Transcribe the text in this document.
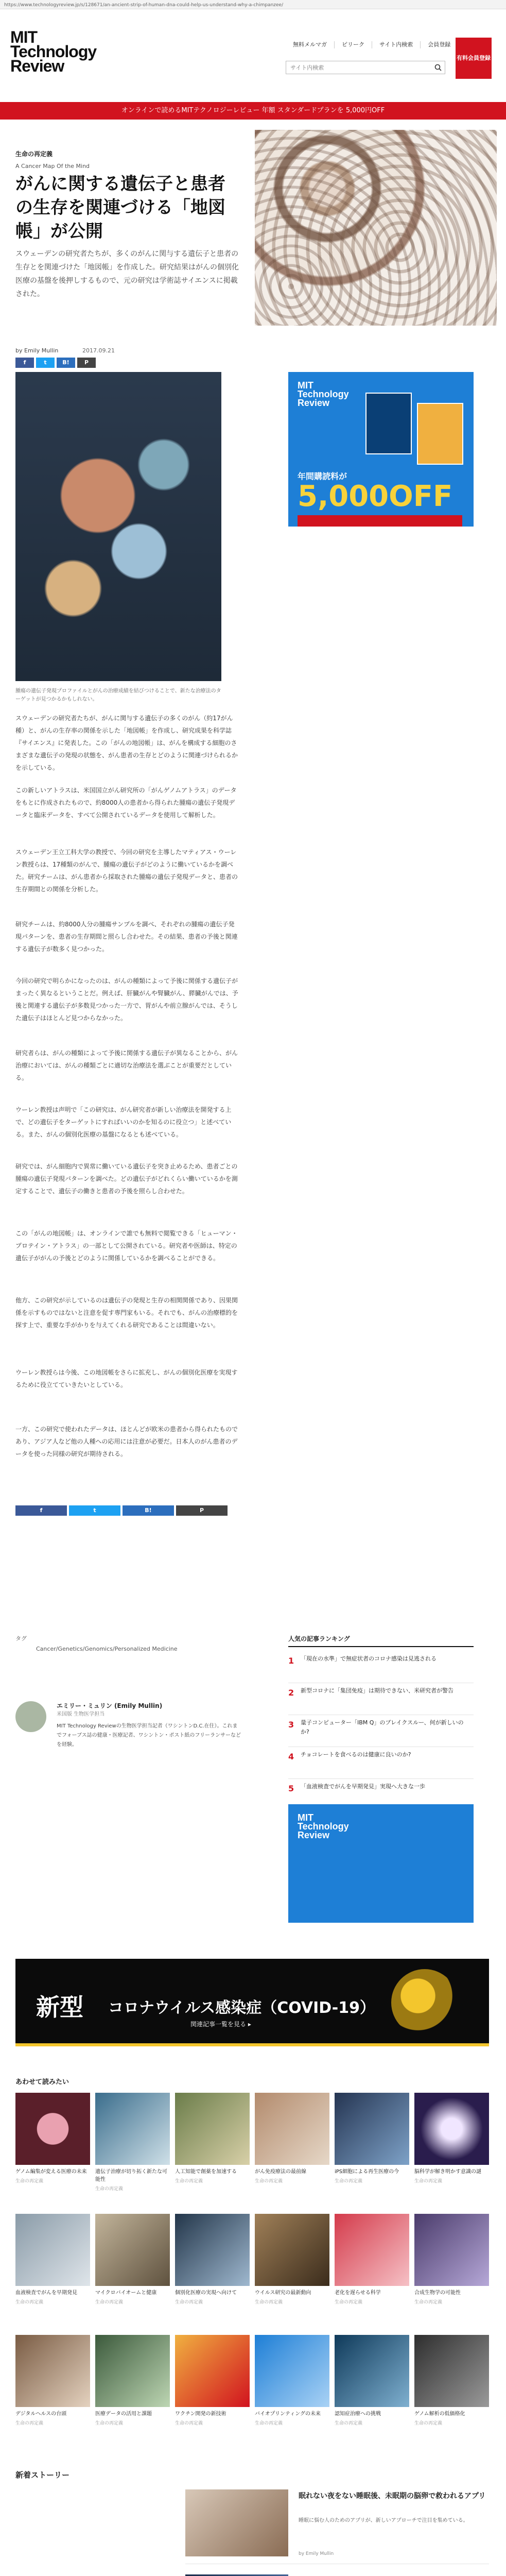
https://www.technologyreview.jp/s/128671/an-ancient-strip-of-human-dna-could-help-us-understand-why-a-chimpanzee/
MIT
Technology
Review
無料メルマガ	ピリーク	サイト内検索	会員登録
サイト内検索
有料会員登録
オンラインで読めるMITテクノロジーレビュー 年額 スタンダードプランを 5,000円OFF
生命の再定義
A Cancer Map Of the Mind
がんに関する遺伝子と患者の生存を関連づける「地図帳」が公開
スウェーデンの研究者たちが、多くのがんに関与する遺伝子と患者の生存とを関連づけた「地図帳」を作成した。研究結果はがんの個別化医療の基盤を後押しするもので、元の研究は学術誌サイエンスに掲載された。
by Emily Mullin	2017.09.21
f	t	B!	P
腫瘍の遺伝子発現プロファイルとがんの治療成績を結びつけることで、新たな治療法のターゲットが見つかるかもしれない。
MIT
Technology
Review
年間購読料が
5,000OFF

スウェーデンの研究者たちが、がんに関与する遺伝子の多くのがん（約17がん種）と、がんの生存率の関係を示した「地図帳」を作成し、研究成果を科学誌『サイエンス』に発表した。この「がんの地図帳」は、がんを構成する細胞のさまざまな遺伝子の発現の状態を、がん患者の生存とどのように関連づけられるかを示している。

この新しいアトラスは、米国国立がん研究所の「がんゲノムアトラス」のデータをもとに作成されたもので、約8000人の患者から得られた腫瘍の遺伝子発現データと臨床データを、すべて公開されているデータを使用して解析した。

スウェーデン王立工科大学の教授で、今回の研究を主導したマティアス・ウーレン教授らは、17種類のがんで、腫瘍の遺伝子がどのように働いているかを調べた。研究チームは、がん患者から採取された腫瘍の遺伝子発現データと、患者の生存期間との関係を分析した。

研究チームは、約8000人分の腫瘍サンプルを調べ、それぞれの腫瘍の遺伝子発現パターンを、患者の生存期間と照らし合わせた。その結果、患者の予後と関連する遺伝子が数多く見つかった。

今回の研究で明らかになったのは、がんの種類によって予後に関係する遺伝子がまったく異なるということだ。例えば、肝臓がんや腎臓がん、膵臓がんでは、予後と関連する遺伝子が多数見つかった一方で、胃がんや前立腺がんでは、そうした遺伝子はほとんど見つからなかった。

研究者らは、がんの種類によって予後に関係する遺伝子が異なることから、がん治療においては、がんの種類ごとに適切な治療法を選ぶことが重要だとしている。

ウーレン教授は声明で「この研究は、がん研究者が新しい治療法を開発する上で、どの遺伝子をターゲットにすればいいのかを知るのに役立つ」と述べている。また、がんの個別化医療の基盤になるとも述べている。

研究では、がん細胞内で異常に働いている遺伝子を突き止めるため、患者ごとの腫瘍の遺伝子発現パターンを調べた。どの遺伝子がどれくらい働いているかを測定することで、遺伝子の働きと患者の予後を照らし合わせた。

この「がんの地図帳」は、オンラインで誰でも無料で閲覧できる「ヒューマン・プロテイン・アトラス」の一部として公開されている。研究者や医師は、特定の遺伝子ががんの予後とどのように関係しているかを調べることができる。

他方、この研究が示しているのは遺伝子の発現と生存の相関関係であり、因果関係を示すものではないと注意を促す専門家もいる。それでも、がんの治療標的を探す上で、重要な手がかりを与えてくれる研究であることは間違いない。

ウーレン教授らは今後、この地図帳をさらに拡充し、がんの個別化医療を実現するために役立てていきたいとしている。

一方、この研究で使われたデータは、ほとんどが欧米の患者から得られたものであり、アジア人など他の人種への応用には注意が必要だ。日本人のがん患者のデータを使った同様の研究が期待される。

f	t	B!	P
タグ
Cancer/Genetics/Genomics/Personalized Medicine
エミリー・ミュリン (Emily Mullin)
米国版 生物医学担当
MIT Technology Reviewの生物医学担当記者（ワシントンD.C.在住）。これまでフォーブス誌の健康・医療記者、ワシントン・ポスト紙のフリーランサーなどを経験。
人気の記事ランキング
1 「現在の水準」で無症状者のコロナ感染は見逃される
2 新型コロナに「集団免疫」は期待できない、米研究者が警告
3 量子コンピューター「IBM Q」のブレイクスルー、何が新しいのか?
4 チョコレートを食べるのは健康に良いのか?
5 「血液検査でがんを早期発見」実現へ大きな一歩
MIT
Technology
Review
新型 コロナウイルス感染症（COVID-19）
関連記事一覧を見る ▸
あわせて読みたい
ゲノム編集が変える医療の未来
生命の再定義
遺伝子治療が切り拓く新たな可能性
生命の再定義
人工知能で創薬を加速する
生命の再定義
がん免疫療法の最前線
生命の再定義
iPS細胞による再生医療の今
生命の再定義
脳科学が解き明かす意識の謎
生命の再定義
血液検査でがんを早期発見
生命の再定義
マイクロバイオームと健康
生命の再定義
個別化医療の実現へ向けて
生命の再定義
ウイルス研究の最新動向
生命の再定義
老化を遅らせる科学
生命の再定義
合成生物学の可能性
生命の再定義
デジタルヘルスの台頭
生命の再定義
医療データの活用と課題
生命の再定義
ワクチン開発の新技術
生命の再定義
バイオプリンティングの未来
生命の再定義
認知症治療への挑戦
生命の再定義
ゲノム解析の低価格化
生命の再定義
新着ストーリー
眠れない夜をない睡眠後、未眠期の脳卵で救われるアプリ
睡眠に悩む人のためのアプリが、新しいアプローチで注目を集めている。
by Emily Mullin
